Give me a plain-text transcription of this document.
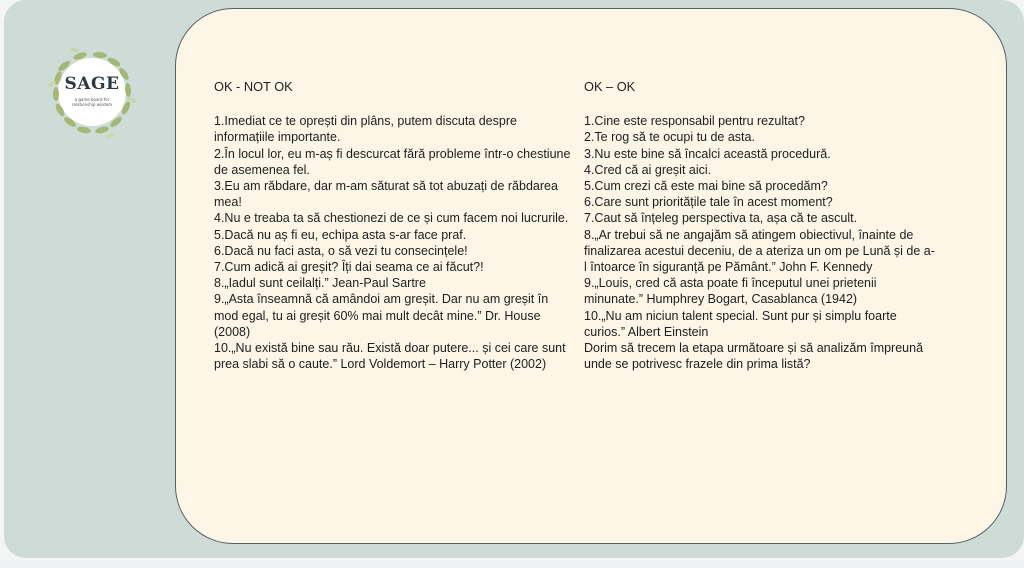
SAGE
a game board for relationship wisdom
OK - NOT OK
1.Imediat ce te oprești din plâns, putem discuta despre informațiile importante.
2.În locul lor, eu m-aș fi descurcat fără probleme într-o chestiune de asemenea fel.
3.Eu am răbdare, dar m-am săturat să tot abuzați de răbdarea mea!
4.Nu e treaba ta să chestionezi de ce și cum facem noi lucrurile.
5.Dacă nu aș fi eu, echipa asta s-ar face praf.
6.Dacă nu faci asta, o să vezi tu consecințele!
7.Cum adică ai greșit? Îți dai seama ce ai făcut?!
8.„Iadul sunt ceilalți.” Jean-Paul Sartre
9.„Asta înseamnă că amândoi am greșit. Dar nu am greșit în mod egal, tu ai greșit 60% mai mult decât mine.” Dr. House (2008)
10.„Nu există bine sau rău. Există doar putere... și cei care sunt prea slabi să o caute.” Lord Voldemort – Harry Potter (2002)
OK – OK
1.Cine este responsabil pentru rezultat?
2.Te rog să te ocupi tu de asta.
3.Nu este bine să încalci această procedură.
4.Cred că ai greșit aici.
5.Cum crezi că este mai bine să procedăm?
6.Care sunt prioritățile tale în acest moment?
7.Caut să înțeleg perspectiva ta, așa că te ascult.
8.„Ar trebui să ne angajăm să atingem obiectivul, înainte de finalizarea acestui deceniu, de a ateriza un om pe Lună și de a-l întoarce în siguranță pe Pământ.” John F. Kennedy
9.„Louis, cred că asta poate fi începutul unei prietenii minunate.” Humphrey Bogart, Casablanca (1942)
10.„Nu am niciun talent special. Sunt pur și simplu foarte curios.” Albert Einstein
Dorim să trecem la etapa următoare și să analizăm împreună unde se potrivesc frazele din prima listă?
